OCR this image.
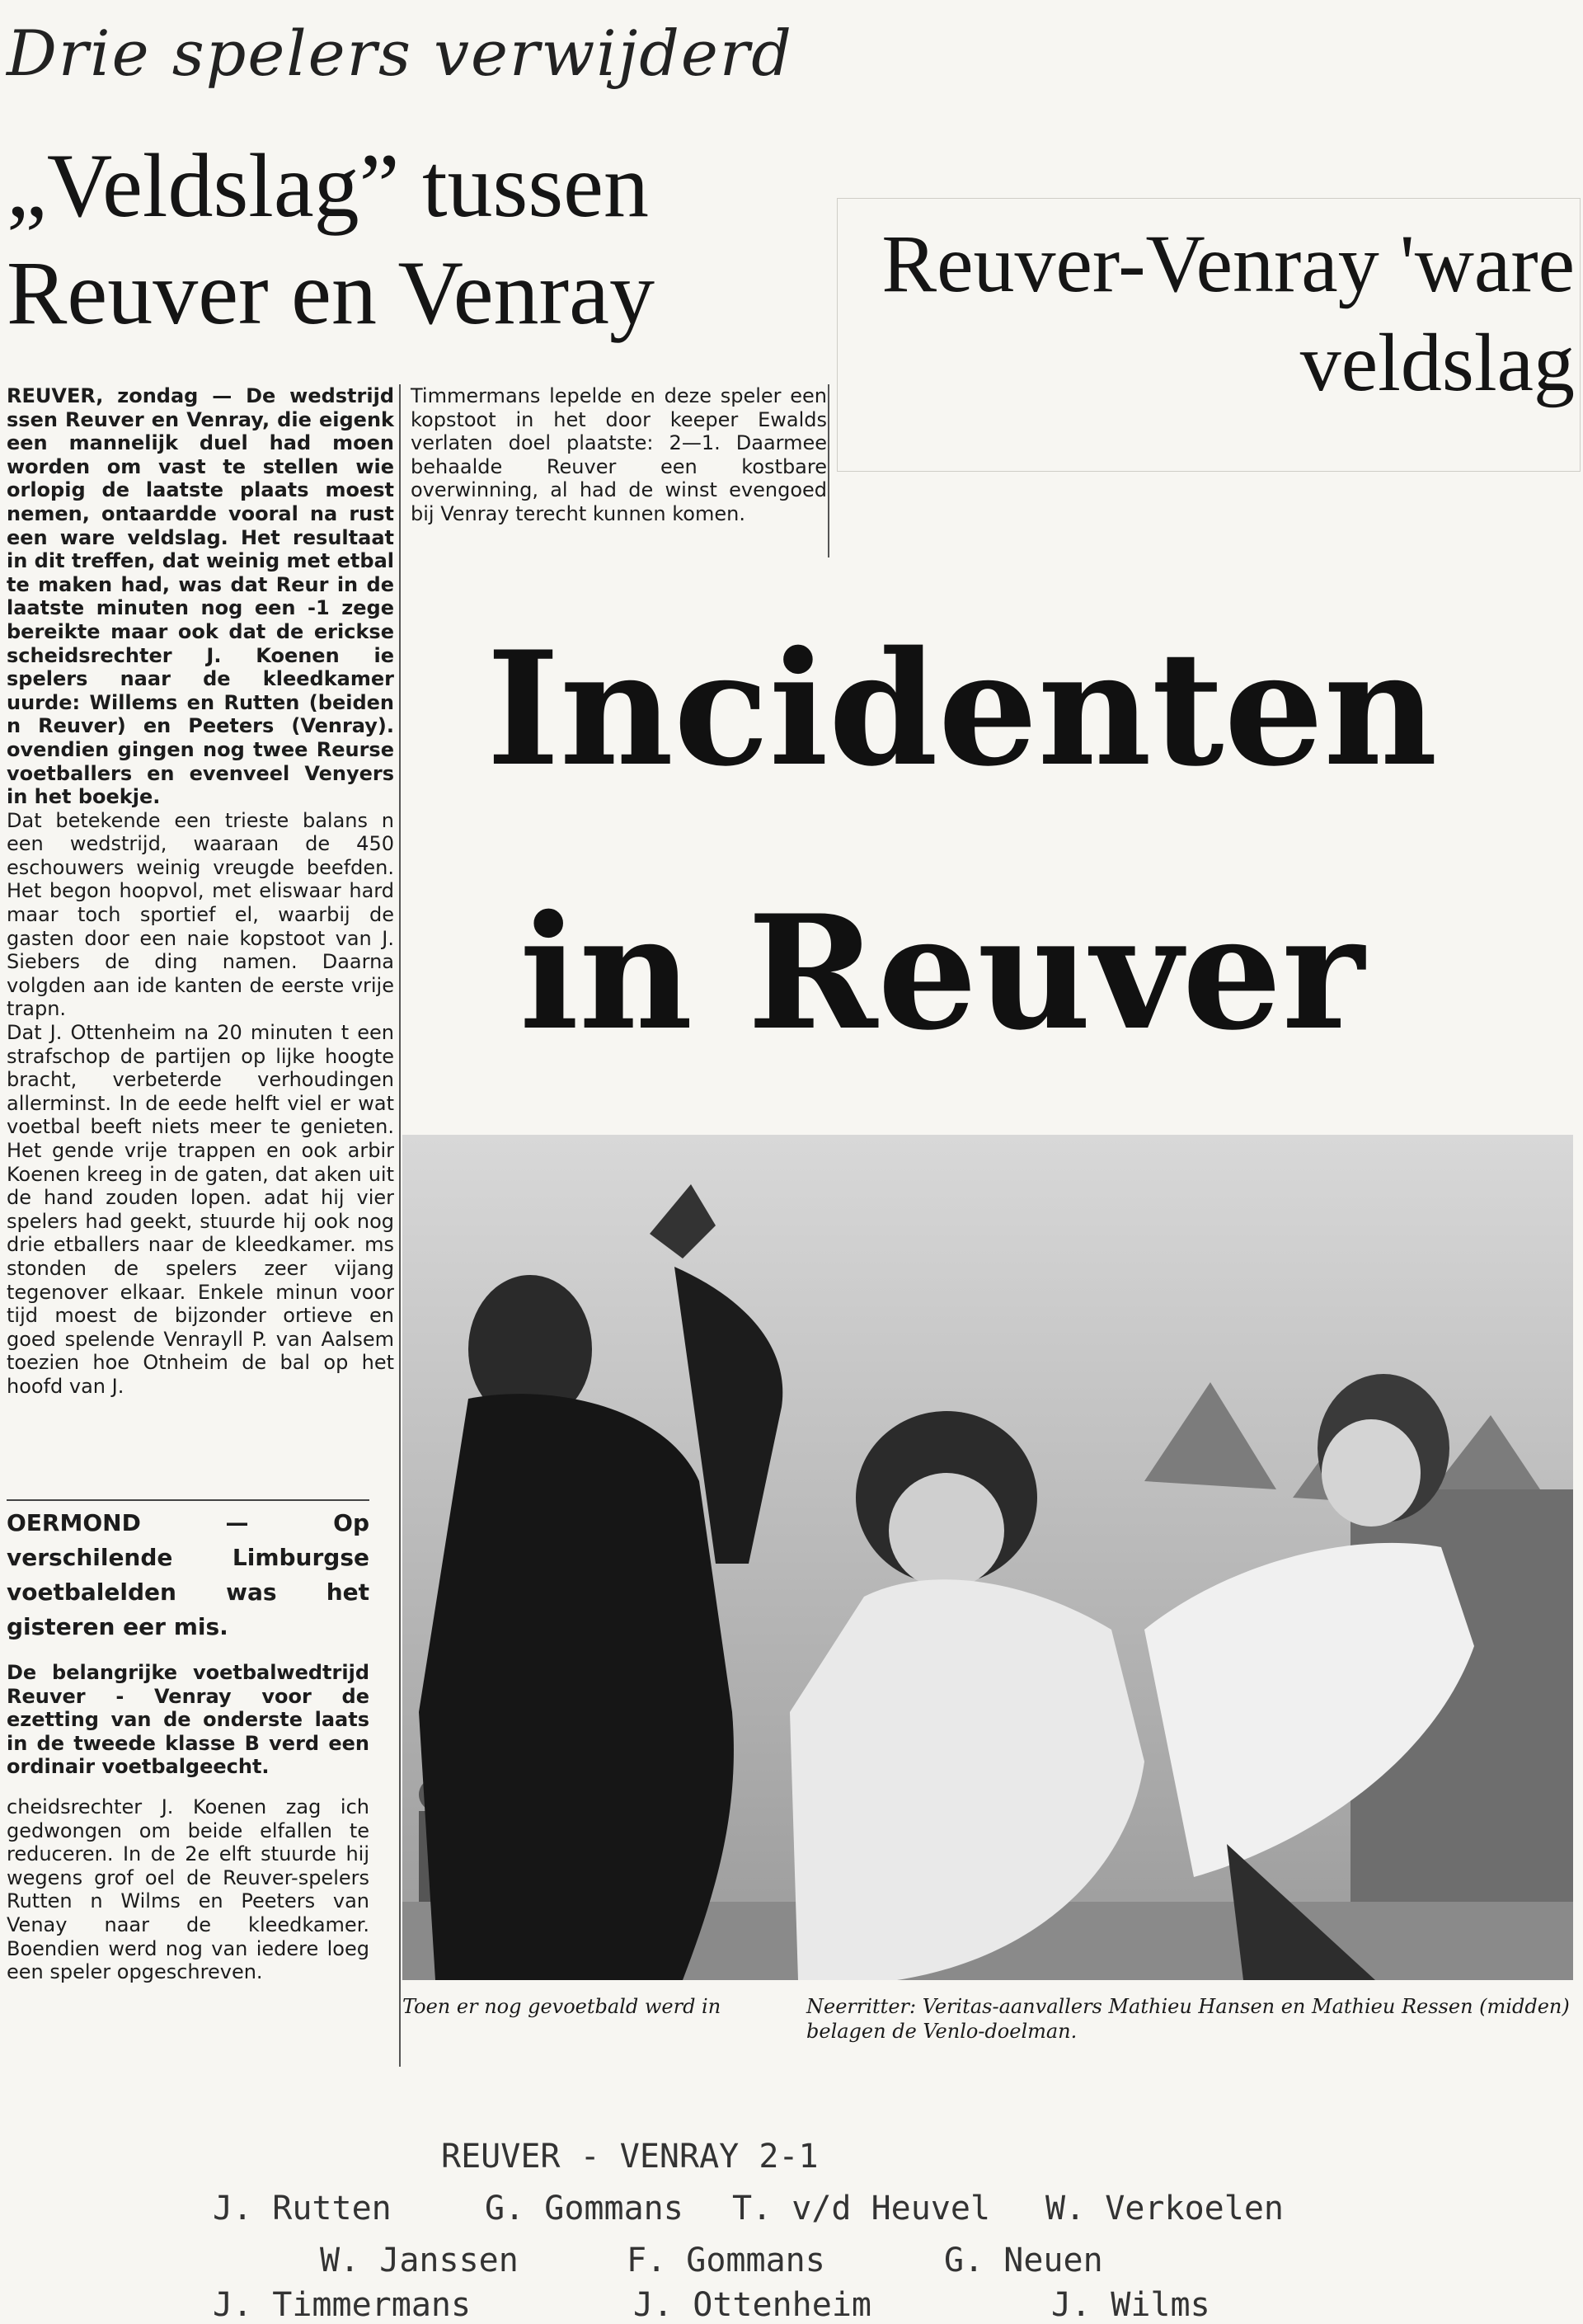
Drie spelers verwijderd
„Veldslag” tussen Reuver en Venray	Reuver-Venray 'ware veldslag

REUVER, zondag — De wedstrijd ssen Reuver en Venray, die eigenk een mannelijk duel had moen worden om vast te stellen wie orlopig de laatste plaats moest nemen, ontaardde vooral na rust een ware veldslag. Het resultaat in dit treffen, dat weinig met etbal te maken had, was dat Reur in de laatste minuten nog een -1 zege bereikte maar ook dat de erickse scheidsrechter J. Koenen ie spelers naar de kleedkamer uurde: Willems en Rutten (beiden n Reuver) en Peeters (Venray). ovendien gingen nog twee Reurse voetballers en evenveel Venyers in het boekje.

Dat betekende een trieste balans n een wedstrijd, waaraan de 450 eschouwers weinig vreugde beefden. Het begon hoopvol, met eliswaar hard maar toch sportief el, waarbij de gasten door een naie kopstoot van J. Siebers de ding namen. Daarna volgden aan ide kanten de eerste vrije trapn.

Dat J. Ottenheim na 20 minuten t een strafschop de partijen op lijke hoogte bracht, verbeterde verhoudingen allerminst. In de eede helft viel er wat voetbal beeft niets meer te genieten. Het gende vrije trappen en ook arbir Koenen kreeg in de gaten, dat aken uit de hand zouden lopen. adat hij vier spelers had geekt, stuurde hij ook nog drie etballers naar de kleedkamer. ms stonden de spelers zeer vijang tegenover elkaar. Enkele minun voor tijd moest de bijzonder ortieve en goed spelende Venrayll P. van Aalsem toezien hoe Otnheim de bal op het hoofd van J.

Timmermans lepelde en deze speler een kopstoot in het door keeper Ewalds verlaten doel plaatste: 2—1. Daarmee behaalde Reuver een kostbare overwinning, al had de winst evengoed bij Venray terecht kunnen komen.

OERMOND — Op verschilende Limburgse voetbalelden was het gisteren eer mis.

De belangrijke voetbalwedtrijd Reuver - Venray voor de ezetting van de onderste laats in de tweede klasse B verd een ordinair voetbalgeecht.

cheidsrechter J. Koenen zag ich gedwongen om beide elfallen te reduceren. In de 2e elft stuurde hij wegens grof oel de Reuver-spelers Rutten n Wilms en Peeters van Venay naar de kleedkamer. Boendien werd nog van iedere loeg een speler opgeschreven.

Incidenten
in Reuver
Toen er nog gevoetbald werd in	Neerritter: Veritas-aanvallers Mathieu Hansen en Mathieu Ressen (midden) belagen de Venlo-doelman.
REUVER - VENRAY 2-1
J. Rutten	G. Gommans T. v/d Heuvel W. Verkoelen
W. Janssen	F. Gommans	G. Neuen
J. Timmermans	J. Ottenheim	J. Wilms
